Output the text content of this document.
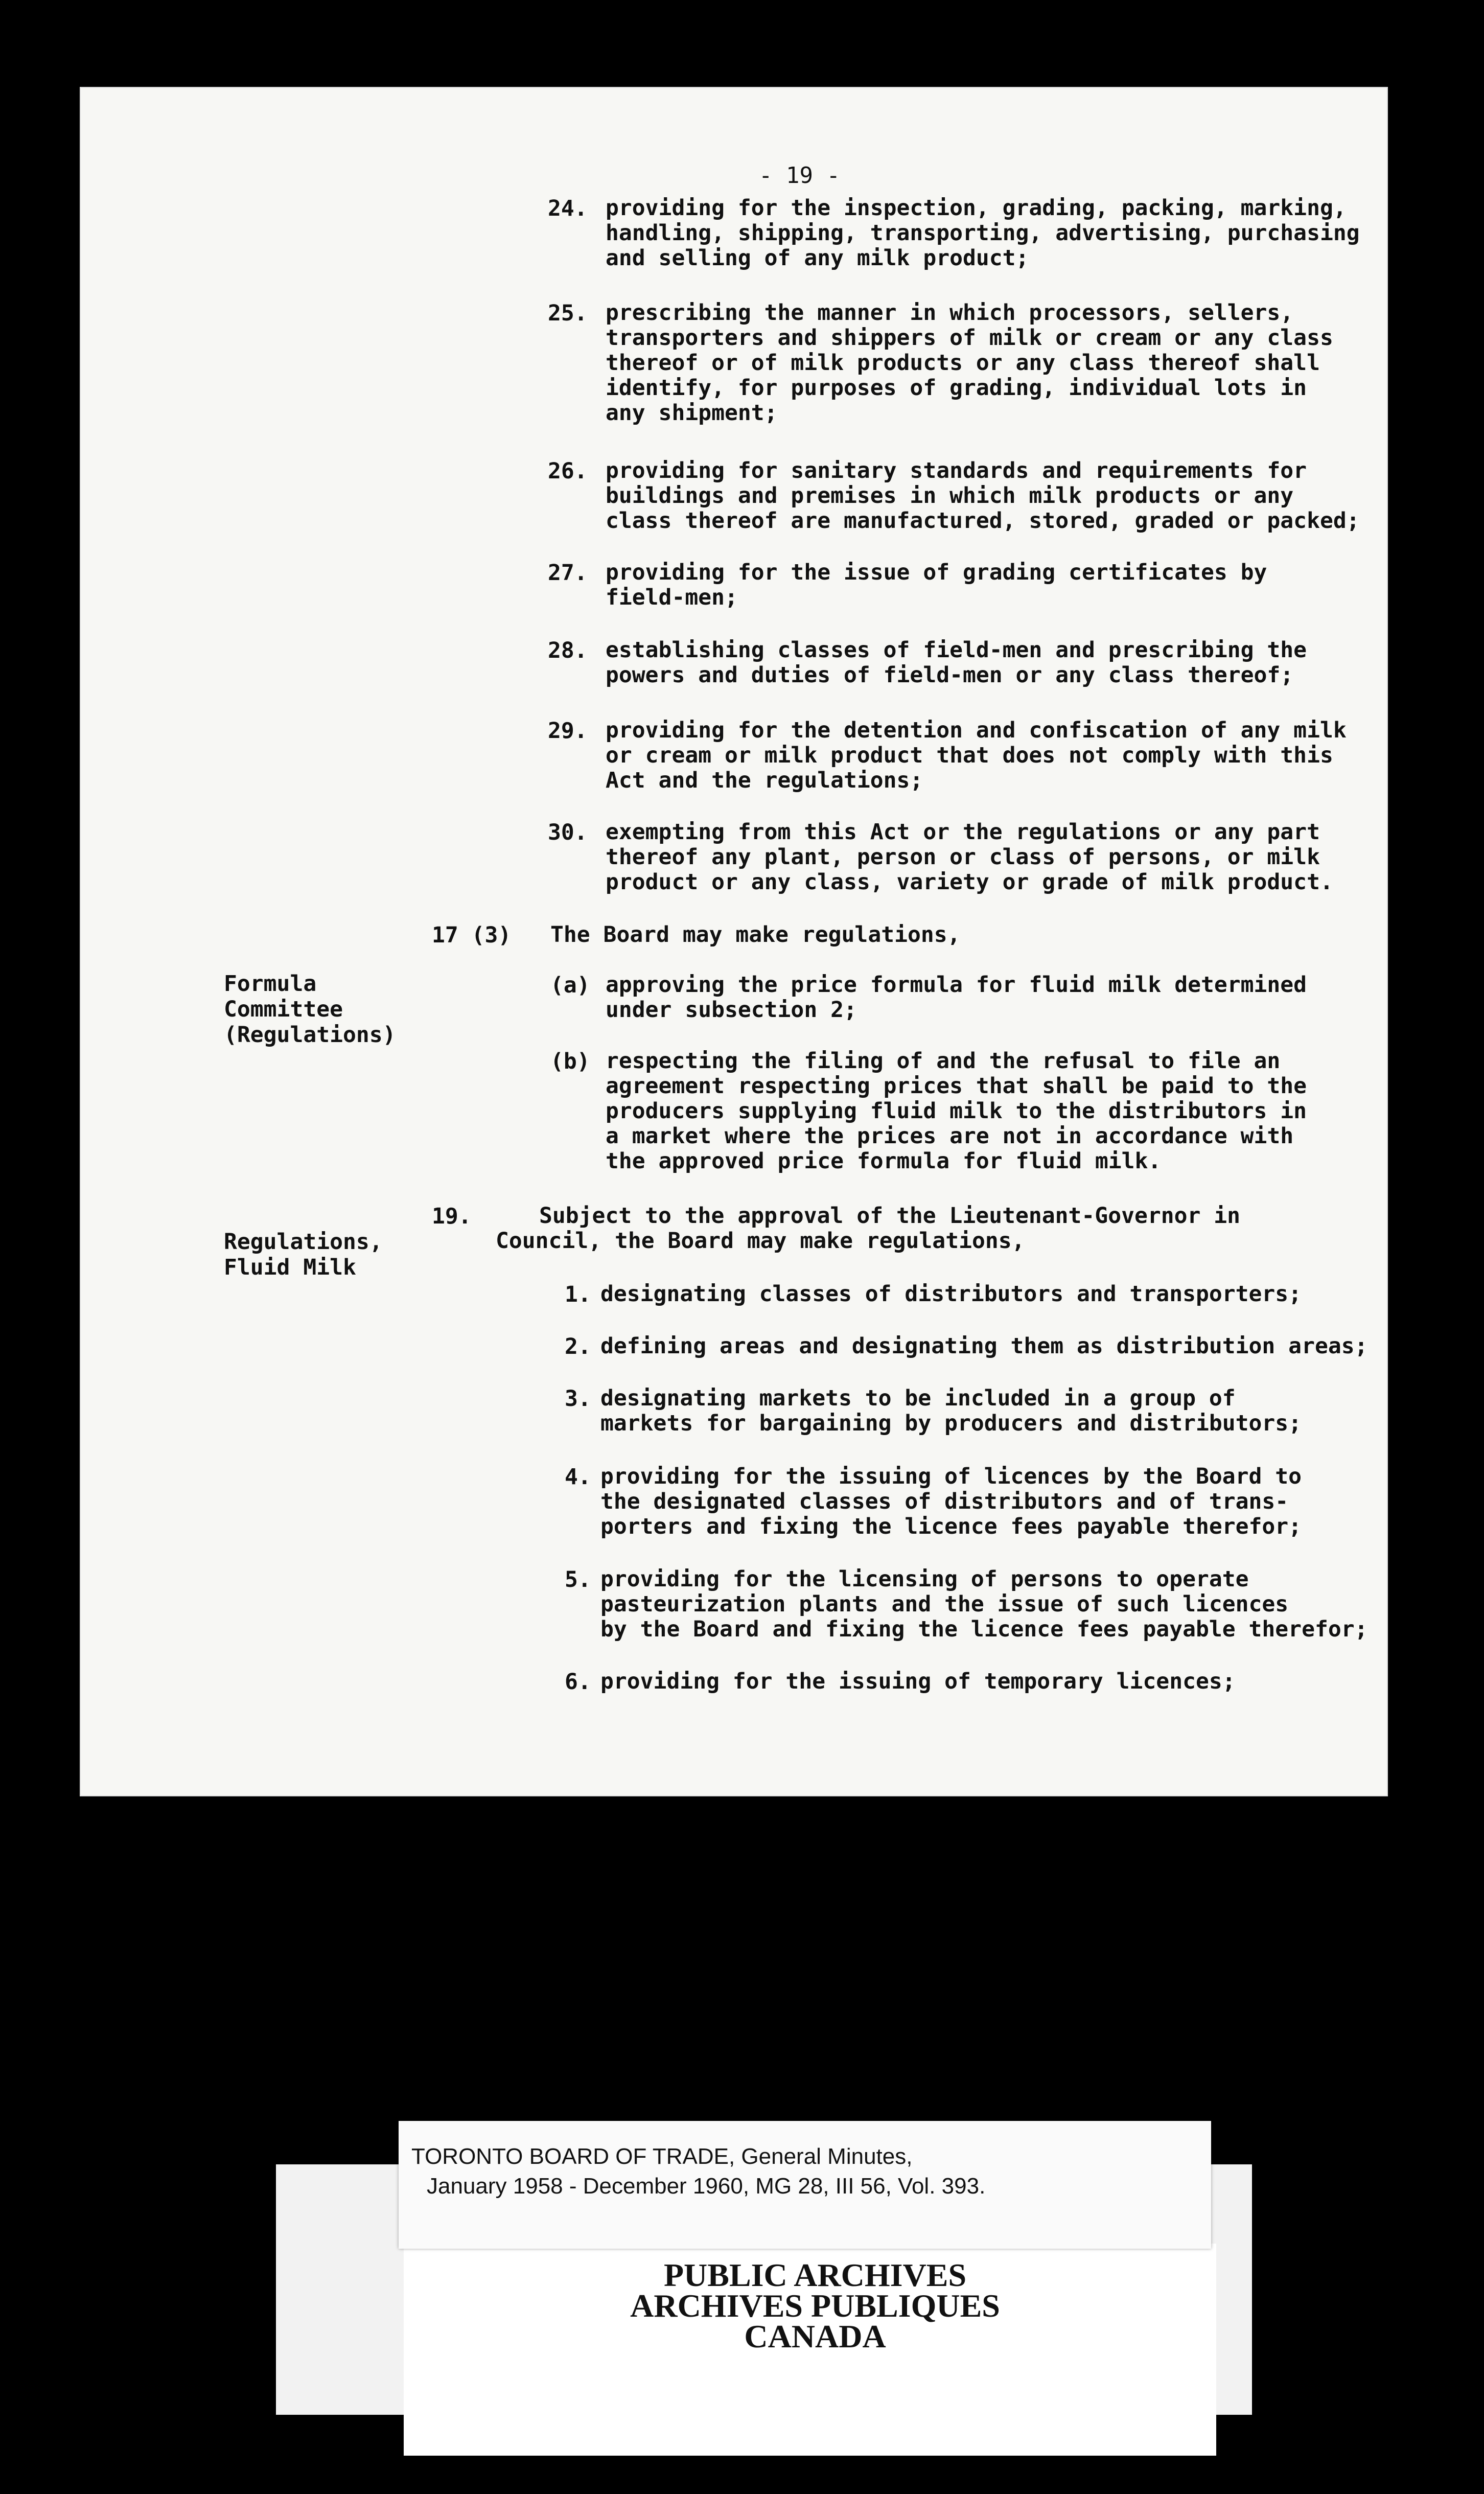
- 19 -
24. providing for the inspection, grading, packing, marking,
handling, shipping, transporting, advertising, purchasing
and selling of any milk product;
25. prescribing the manner in which processors, sellers,
transporters and shippers of milk or cream or any class
thereof or of milk products or any class thereof shall
identify, for purposes of grading, individual lots in
any shipment;
26. providing for sanitary standards and requirements for
buildings and premises in which milk products or any
class thereof are manufactured, stored, graded or packed;
27. providing for the issue of grading certificates by
field-men;
28. establishing classes of field-men and prescribing the
powers and duties of field-men or any class thereof;
29. providing for the detention and confiscation of any milk
or cream or milk product that does not comply with this
Act and the regulations;
30. exempting from this Act or the regulations or any part
thereof any plant, person or class of persons, or milk
product or any class, variety or grade of milk product.
17 (3) The Board may make regulations,
Formula
Committee
(Regulations)
(a) approving the price formula for fluid milk determined
under subsection 2;
(b) respecting the filing of and the refusal to file an
agreement respecting prices that shall be paid to the
producers supplying fluid milk to the distributors in
a market where the prices are not in accordance with
the approved price formula for fluid milk.
19.	Subject to the approval of the Lieutenant-Governor in
Council, the Board may make regulations,
Regulations,
Fluid Milk
1. designating classes of distributors and transporters;
2. defining areas and designating them as distribution areas;
3. designating markets to be included in a group of
markets for bargaining by producers and distributors;
4. providing for the issuing of licences by the Board to
the designated classes of distributors and of trans-
porters and fixing the licence fees payable therefor;
5. providing for the licensing of persons to operate
pasteurization plants and the issue of such licences
by the Board and fixing the licence fees payable therefor;
6. providing for the issuing of temporary licences;
TORONTO BOARD OF TRADE, General Minutes,
January 1958 - December 1960, MG 28, III 56, Vol. 393.
PUBLIC ARCHIVES
ARCHIVES PUBLIQUES
CANADA
